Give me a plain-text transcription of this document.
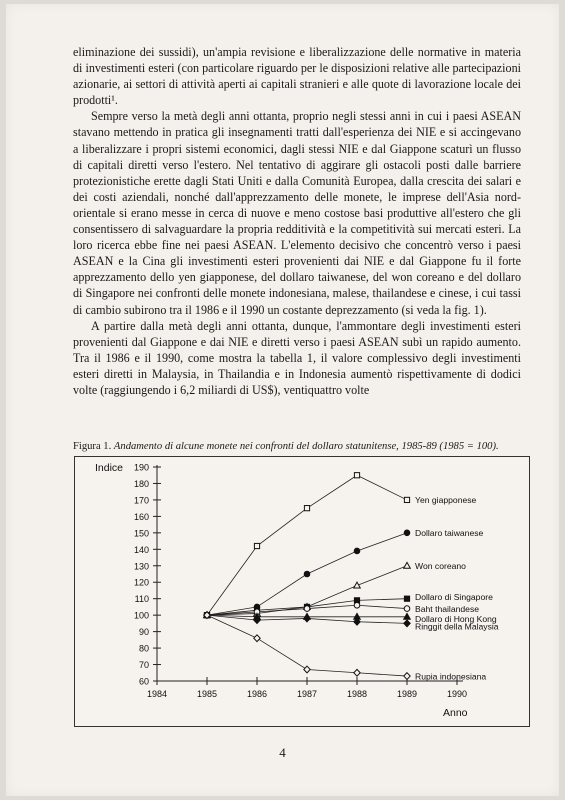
eliminazione dei sussidi), un'ampia revisione e liberalizzazione delle normative in materia di investimenti esteri (con particolare riguardo per le disposizioni relative alle partecipazioni azionarie, ai settori di attività aperti ai capitali stranieri e alle quote di lavorazione locale dei prodotti¹.

Sempre verso la metà degli anni ottanta, proprio negli stessi anni in cui i paesi ASEAN stavano mettendo in pratica gli insegnamenti tratti dall'esperienza dei NIE e si accingevano a liberalizzare i propri sistemi economici, dagli stessi NIE e dal Giappone scaturì un flusso di capitali diretti verso l'estero. Nel tentativo di aggirare gli ostacoli posti dalle barriere protezionistiche erette dagli Stati Uniti e dalla Comunità Europea, dalla crescita dei salari e dei costi aziendali, nonché dall'apprezzamento delle monete, le imprese dell'Asia nord-orientale si erano messe in cerca di nuove e meno costose basi produttive all'estero che gli consentissero di salvaguardare la propria redditività e la competitività sui mercati esteri. La loro ricerca ebbe fine nei paesi ASEAN. L'elemento decisivo che concentrò verso i paesi ASEAN e la Cina gli investimenti esteri provenienti dai NIE e dal Giappone fu il forte apprezzamento dello yen giapponese, del dollaro taiwanese, del won coreano e del dollaro di Singapore nei confronti delle monete indonesiana, malese, thailandese e cinese, i cui tassi di cambio subirono tra il 1986 e il 1990 un costante deprezzamento (si veda la fig. 1).

A partire dalla metà degli anni ottanta, dunque, l'ammontare degli investimenti esteri provenienti dal Giappone e dai NIE e diretti verso i paesi ASEAN subì un rapido aumento. Tra il 1986 e il 1990, come mostra la tabella 1, il valore complessivo degli investimenti esteri diretti in Malaysia, in Thailandia e in Indonesia aumentò rispettivamente di dodici volte (raggiungendo i 6,2 miliardi di US$), ventiquattro volte

Figura 1. Andamento di alcune monete nei confronti del dollaro statunitense, 1985-89 (1985 = 100).
60
70
80
90
100
110
120
130
140
150
160
170
180
190
1984	1985	1986	1987	1988	1989	1990
Indice
Anno
Yen giapponese
Dollaro taiwanese
Won coreano
Dollaro di Singapore
Baht thailandese
Dollaro di Hong Kong
Ringgit della Malaysia
Rupia indonesiana
4
